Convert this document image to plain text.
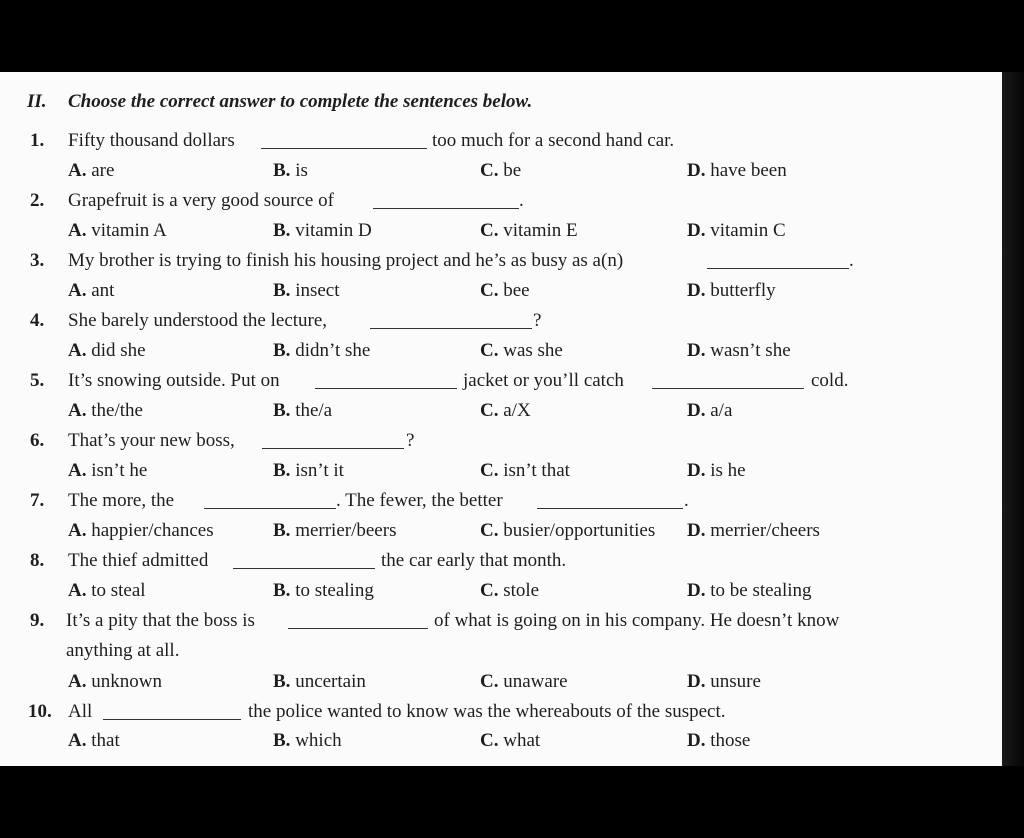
II. Choose the correct answer to complete the sentences below.
1. Fifty thousand dollars	too much for a second hand car.
A. are	B. is	C. be	D. have been
2. Grapefruit is a very good source of	.
A. vitamin A	B. vitamin D	C. vitamin E	D. vitamin C
3. My brother is trying to finish his housing project and he’s as busy as a(n)	.
A. ant	B. insect	C. bee	D. butterfly
4. She barely understood the lecture,	?
A. did she	B. didn’t she	C. was she	D. wasn’t she
5. It’s snowing outside. Put on	jacket or you’ll catch	cold.
A. the/the	B. the/a	C. a/X	D. a/a
6. That’s your new boss,	?
A. isn’t he	B. isn’t it	C. isn’t that	D. is he
7. The more, the	. The fewer, the better	.
A. happier/chances	B. merrier/beers	C. busier/opportunities D. merrier/cheers
8. The thief admitted	the car early that month.
A. to steal	B. to stealing	C. stole	D. to be stealing
9. It’s a pity that the boss is	of what is going on in his company. He doesn’t know
anything at all.
A. unknown	B. uncertain	C. unaware	D. unsure
10. All	the police wanted to know was the whereabouts of the suspect.
A. that	B. which	C. what	D. those
